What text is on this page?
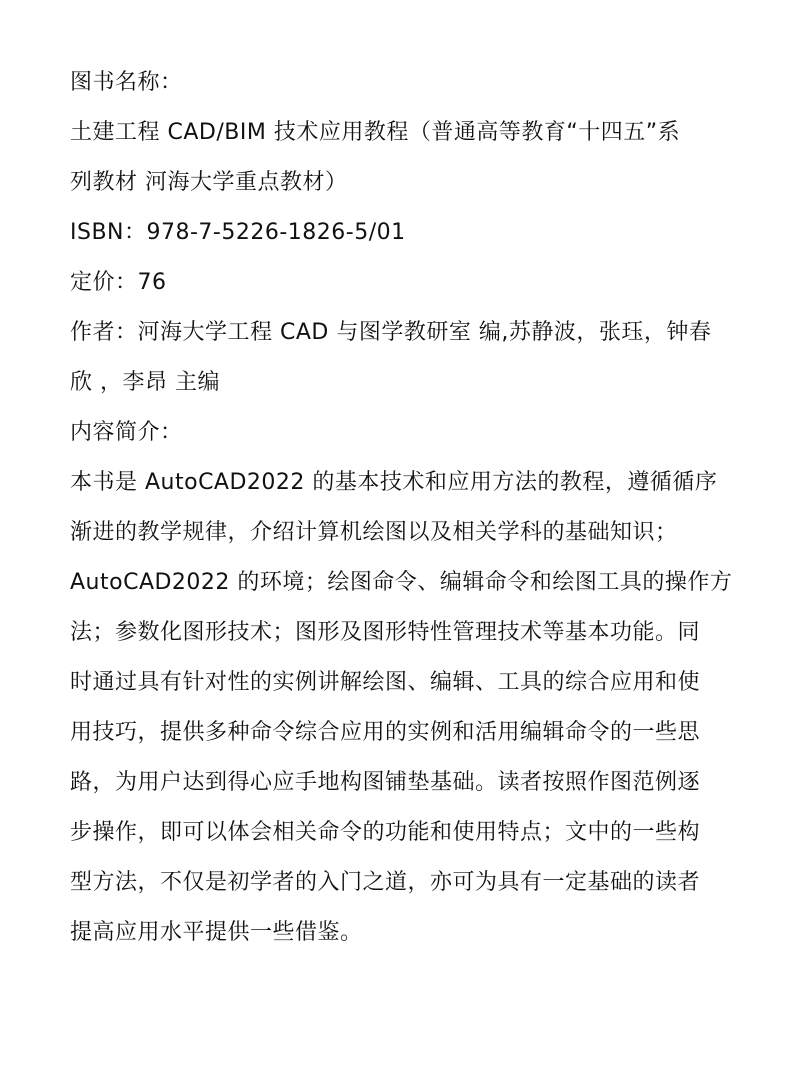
图书名称：
土建工程 CAD/BIM 技术应用教程（普通高等教育“十四五”系
列教材 河海大学重点教材）
ISBN：978-7-5226-1826-5/01
定价：76
作者：河海大学工程 CAD 与图学教研室 编,苏静波，张珏，钟春
欣 ，李昂 主编
内容简介：
本书是 AutoCAD2022 的基本技术和应用方法的教程，遵循循序
渐进的教学规律，介绍计算机绘图以及相关学科的基础知识；
AutoCAD2022 的环境；绘图命令、编辑命令和绘图工具的操作方
法；参数化图形技术；图形及图形特性管理技术等基本功能。同
时通过具有针对性的实例讲解绘图、编辑、工具的综合应用和使
用技巧，提供多种命令综合应用的实例和活用编辑命令的一些思
路，为用户达到得心应手地构图铺垫基础。读者按照作图范例逐
步操作，即可以体会相关命令的功能和使用特点；文中的一些构
型方法，不仅是初学者的入门之道，亦可为具有一定基础的读者
提高应用水平提供一些借鉴。
